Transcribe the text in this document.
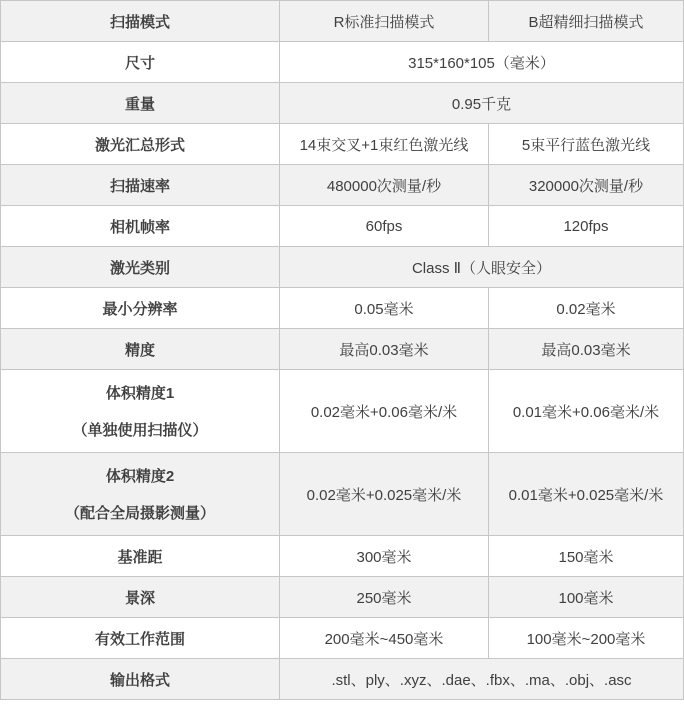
扫描模式	R标准扫描模式	B超精细扫描模式
尺寸	315*160*105（毫米）	
重量	0.95千克	
激光汇总形式	14束交叉+1束红色激光线	5束平行蓝色激光线
扫描速率	480000次测量/秒	320000次测量/秒
相机帧率	60fps	120fps
激光类别	Class Ⅱ（人眼安全）	
最小分辨率	0.05毫米	0.02毫米
精度	最高0.03毫米	最高0.03毫米

体积精度1
（单独使用扫描仪）	0.02毫米+0.06毫米/米	0.01毫米+0.06毫米/米

体积精度2
（配合全局摄影测量）	0.02毫米+0.025毫米/米	0.01毫米+0.025毫米/米
基准距	300毫米	150毫米
景深	250毫米	100毫米
有效工作范围	200毫米~450毫米	100毫米~200毫米
输出格式	.stl、ply、.xyz、.dae、.fbx、.ma、.obj、.asc	
